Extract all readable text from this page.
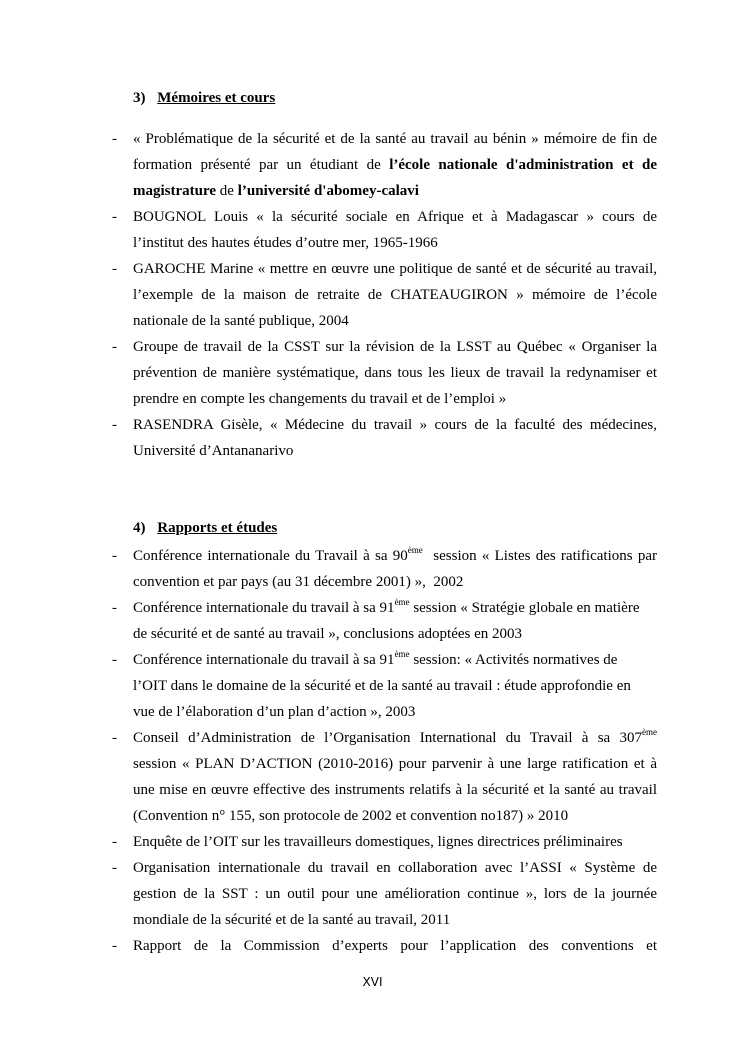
3) Mémoires et cours
- « Problématique de la sécurité et de la santé au travail au bénin » mémoire de fin de
formation présenté par un étudiant de l’école nationale d'administration et de
magistrature de l’université d'abomey-calavi
- BOUGNOL Louis « la sécurité sociale en Afrique et à Madagascar » cours de
l’institut des hautes études d’outre mer, 1965-1966
- GAROCHE Marine « mettre en œuvre une politique de santé et de sécurité au travail,
l’exemple de la maison de retraite de CHATEAUGIRON » mémoire de l’école
nationale de la santé publique, 2004
- Groupe de travail de la CSST sur la révision de la LSST au Québec « Organiser la
prévention de manière systématique, dans tous les lieux de travail la redynamiser et
prendre en compte les changements du travail et de l’emploi »
- RASENDRA Gisèle, « Médecine du travail » cours de la faculté des médecines,
Université d’Antananarivo
4) Rapports et études
- Conférence internationale du Travail à sa 90ème  session « Listes des ratifications par
convention et par pays (au 31 décembre 2001) »,  2002
- Conférence internationale du travail à sa 91ème session « Stratégie globale en matière
de sécurité et de santé au travail », conclusions adoptées en 2003
- Conférence internationale du travail à sa 91ème session: « Activités normatives de
l’OIT dans le domaine de la sécurité et de la santé au travail : étude approfondie en
vue de l’élaboration d’un plan d’action », 2003
- Conseil d’Administration de l’Organisation International du Travail à sa 307ème
session « PLAN D’ACTION (2010-2016) pour parvenir à une large ratification et à
une mise en œuvre effective des instruments relatifs à la sécurité et la santé au travail
(Convention n° 155, son protocole de 2002 et convention no187) » 2010
- Enquête de l’OIT sur les travailleurs domestiques, lignes directrices préliminaires
- Organisation internationale du travail en collaboration avec l’ASSI « Système de
gestion de la SST : un outil pour une amélioration continue », lors de la journée
mondiale de la sécurité et de la santé au travail, 2011
- Rapport de la Commission d’experts pour l’application des conventions et
XVI
